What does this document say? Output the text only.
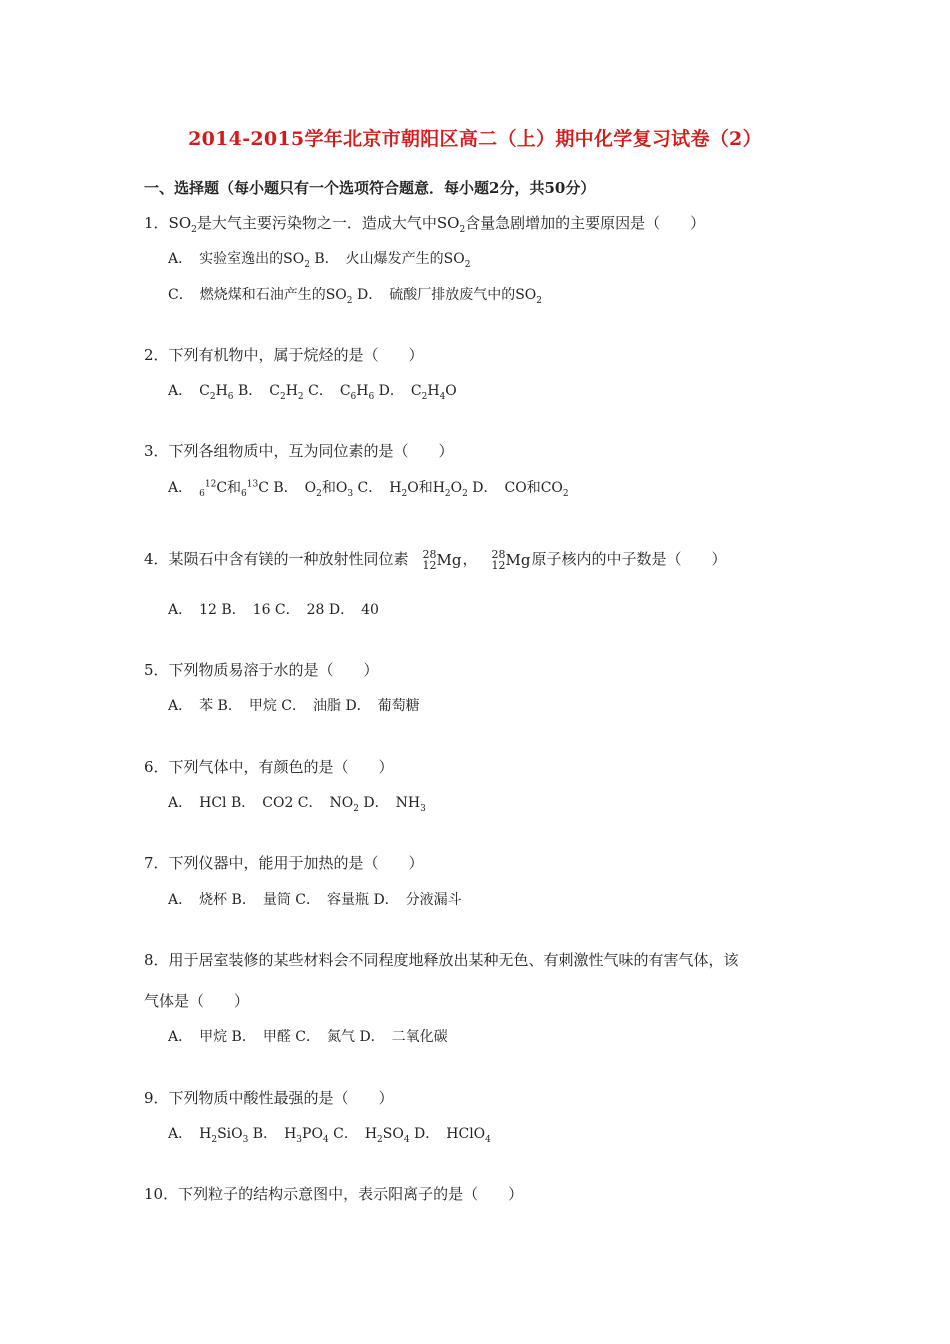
2014-2015学年北京市朝阳区高二（上）期中化学复习试卷（2）
一、选择题（每小题只有一个选项符合题意．每小题2分，共50分）
1．$SO_2$是大气主要污染物之一．造成大气中$SO_2$含量急剧增加的主要原因是（　　）
A．　实验室逸出的$SO_2$ B．　火山爆发产生的$SO_2$
C．　燃烧煤和石油产生的$SO_2$ D．　硫酸厂排放废气中的$SO_2$
2．下列有机物中，属于烷烃的是（　　）
A．　$C_2H_6$ B．　$C_2H_2$ C．　$C_6H_6$ D．　$C_2H_4O$
3．下列各组物质中，互为同位素的是（　　）
A．　$_6^{12}$C和$_6^{13}$C B．　$O_2$和$O_3$ C．　$H_2O$和$H_2O_2$ D．　CO和$CO_2$
4．某陨石中含有镁的一种放射性同位素 28
12Mg， 28
12Mg原子核内的中子数是（　　）
A．　12 B．　16 C．　28 D．　40
5．下列物质易溶于水的是（　　）
A．　苯 B．　甲烷 C．　油脂 D．　葡萄糖
6．下列气体中，有颜色的是（　　）
A．　HCl B．　CO2 C．　$NO_2$ D．　$NH_3$
7．下列仪器中，能用于加热的是（　　）
A．　烧杯 B．　量筒 C．　容量瓶 D．　分液漏斗
8．用于居室装修的某些材料会不同程度地释放出某种无色、有刺激性气味的有害气体，该
气体是（　　）
A．　甲烷 B．　甲醛 C．　氮气 D．　二氧化碳
9．下列物质中酸性最强的是（　　）
A．　$H_2SiO_3$ B．　$H_3PO_4$ C．　$H_2SO_4$ D．　HClO$_4$
10．下列粒子的结构示意图中，表示阳离子的是（　　）
